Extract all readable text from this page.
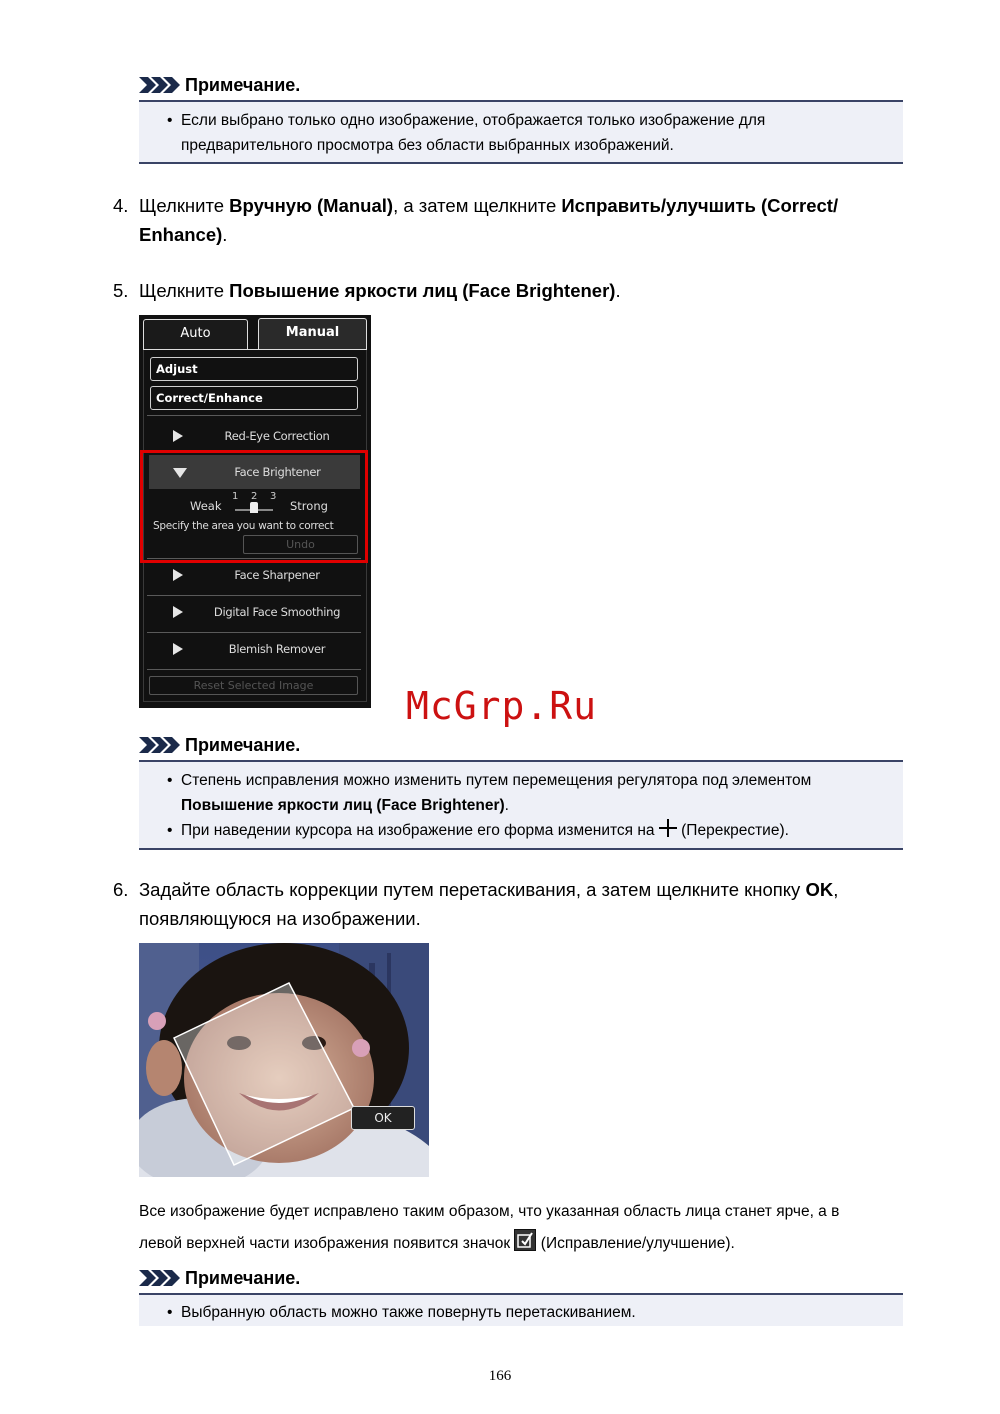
Примечание.
• Если выбрано только одно изображение, отображается только изображение для
предварительного просмотра без области выбранных изображений.
4. Щелкните Вручную (Manual), а затем щелкните Исправить/улучшить (Correct/
Enhance).
5. Щелкните Повышение яркости лиц (Face Brightener).
Auto	Manual
Adjust
Correct/Enhance
Red-Eye Correction
Face Brightener
Weak	Strong
1 2 3
Specify the area you want to correct
Undo
Face Sharpener
Digital Face Smoothing
Blemish Remover
Reset Selected Image	McGrp.Ru
Примечание.
• Степень исправления можно изменить путем перемещения регулятора под элементом
Повышение яркости лиц (Face Brightener).
• При наведении курсора на изображение его форма изменится на  (Перекрестие).
6. Задайте область коррекции путем перетаскивания, а затем щелкните кнопку OK,
появляющуюся на изображении.
OK
Все изображение будет исправлено таким образом, что указанная область лица станет ярче, а в
левой верхней части изображения появится значок  (Исправление/улучшение).
Примечание.
• Выбранную область можно также повернуть перетаскиванием.
166
